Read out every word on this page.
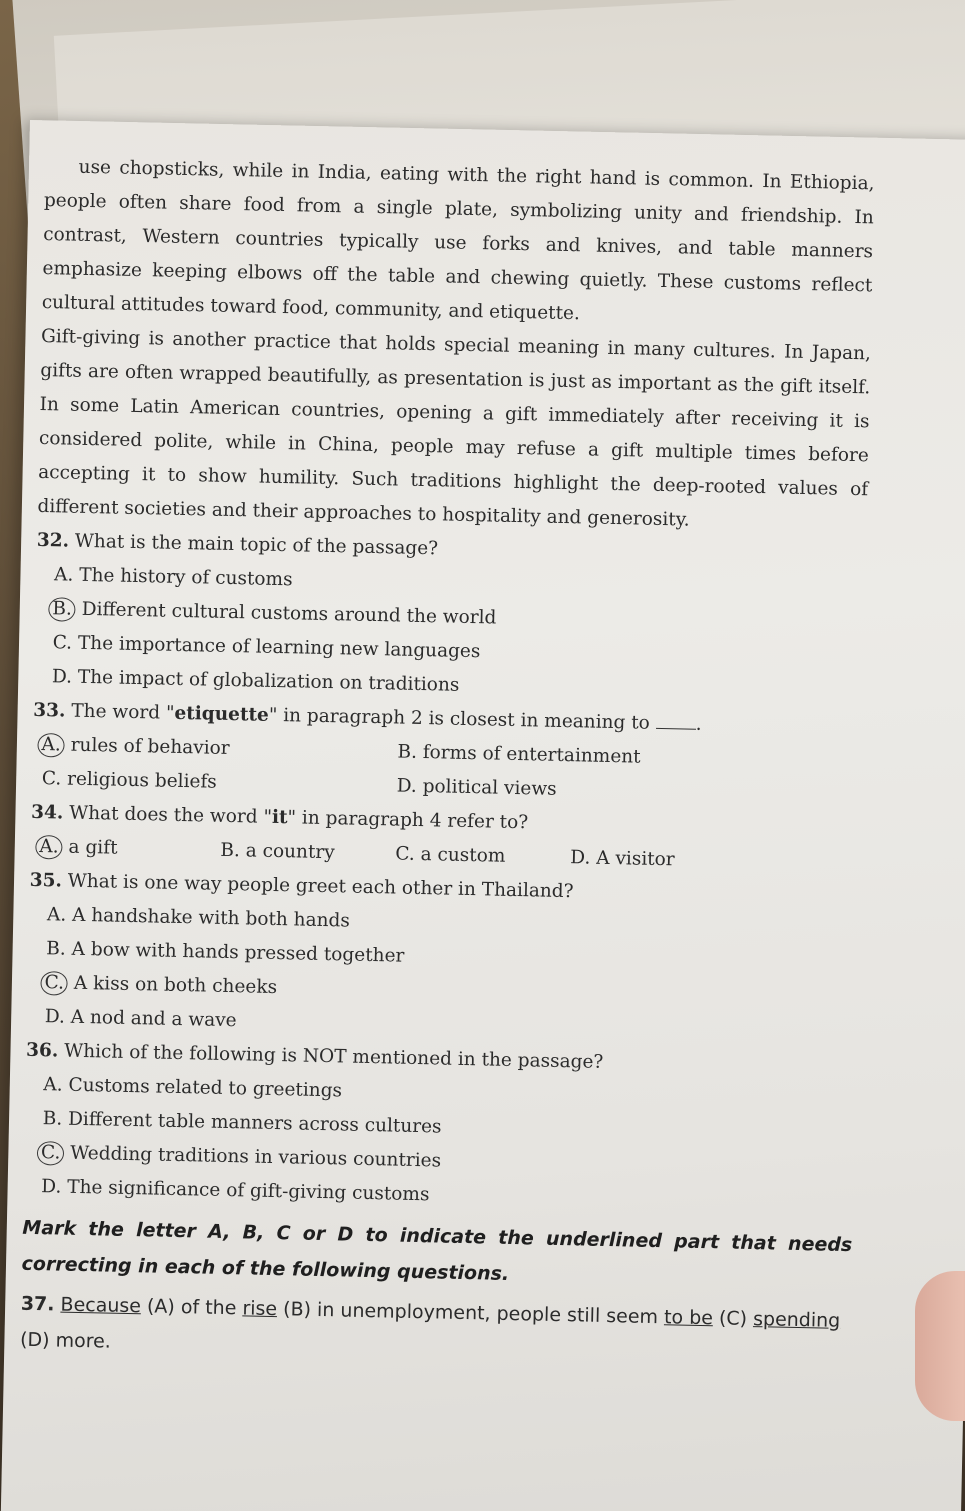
use chopsticks, while in India, eating with the right hand is common. In Ethiopia, people often share food from a single plate, symbolizing unity and friendship. In contrast, Western countries typically use forks and knives, and table manners emphasize keeping elbows off the table and chewing quietly. These customs reflect cultural attitudes toward food, community, and etiquette.

Gift-giving is another practice that holds special meaning in many cultures. In Japan, gifts are often wrapped beautifully, as presentation is just as important as the gift itself. In some Latin American countries, opening a gift immediately after receiving it is considered polite, while in China, people may refuse a gift multiple times before accepting it to show humility. Such traditions highlight the deep-rooted values of different societies and their approaches to hospitality and generosity.

32. What is the main topic of the passage?

A. The history of customs

B. Different cultural customs around the world

C. The importance of learning new languages

D. The impact of globalization on traditions

33. The word "etiquette" in paragraph 2 is closest in meaning to .

A. rules of behavior	B. forms of entertainment
C. religious beliefs	D. political views

34. What does the word "it" in paragraph 4 refer to?

A. a gift	B. a country	C. a custom	D. A visitor

35. What is one way people greet each other in Thailand?

A. A handshake with both hands

B. A bow with hands pressed together

C. A kiss on both cheeks

D. A nod and a wave

36. Which of the following is NOT mentioned in the passage?

A. Customs related to greetings

B. Different table manners across cultures

C. Wedding traditions in various countries

D. The significance of gift-giving customs

Mark the letter A, B, C or D to indicate the underlined part that needs correcting in each of the following questions.

37. Because (A) of the rise (B) in unemployment, people still seem to be (C) spending
(D) more.
